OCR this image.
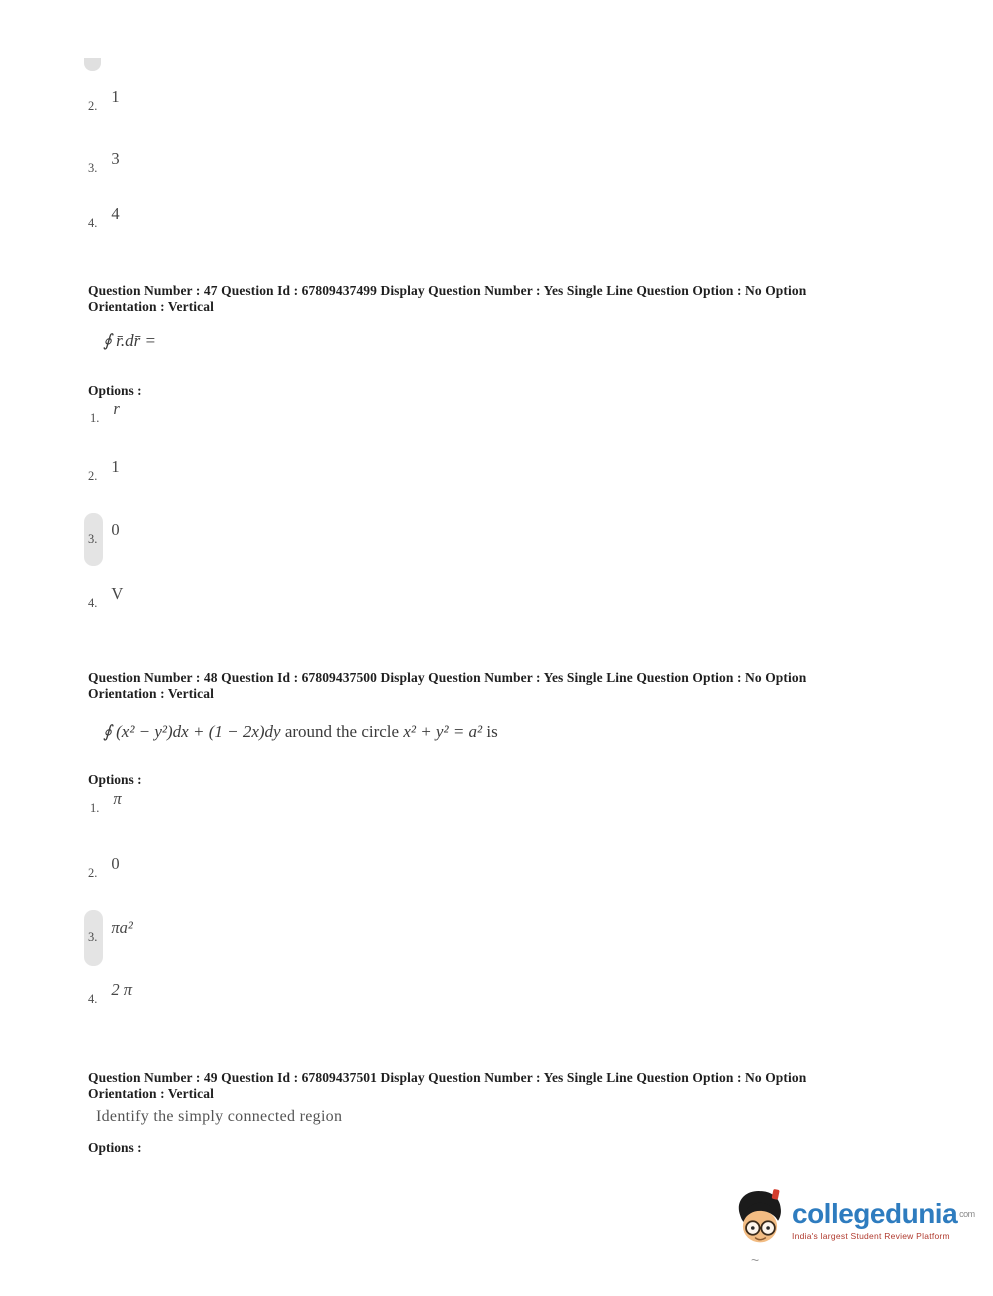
2. 1
3. 3
4. 4
Question Number : 47 Question Id : 67809437499 Display Question Number : Yes Single Line Question Option : No Option
Orientation : Vertical
∮ r̄.dr̄ =
Options :
1. r
2. 1
3. 0
4. V
Question Number : 48 Question Id : 67809437500 Display Question Number : Yes Single Line Question Option : No Option
Orientation : Vertical
∮ (x² − y²)dx + (1 − 2x)dy around the circle x² + y² = a² is
Options :
1. π
2. 0
3. πa²
4. 2 π
Question Number : 49 Question Id : 67809437501 Display Question Number : Yes Single Line Question Option : No Option
Orientation : Vertical
Identify the simply connected region
Options :
collegedunia $^{com}$
India's largest Student Review Platform
~
